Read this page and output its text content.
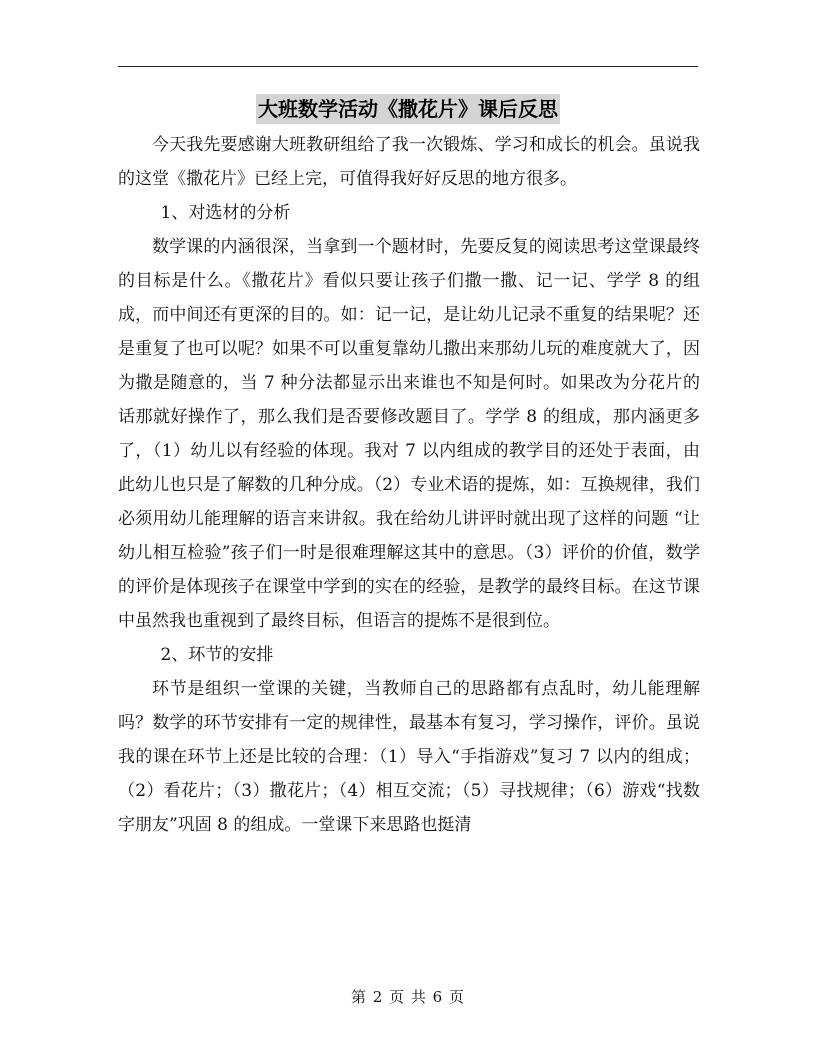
大班数学活动《撒花片》课后反思

今天我先要感谢大班教研组给了我一次锻炼、学习和成长的机会。虽说我的这堂《撒花片》已经上完，可值得我好好反思的地方很多。

1、对选材的分析

数学课的内涵很深，当拿到一个题材时，先要反复的阅读思考这堂课最终的目标是什么。《撒花片》看似只要让孩子们撒一撒、记一记、学学 8 的组成，而中间还有更深的目的。如：记一记，是让幼儿记录不重复的结果呢？还是重复了也可以呢？如果不可以重复靠幼儿撒出来那幼儿玩的难度就大了，因为撒是随意的，当 7 种分法都显示出来谁也不知是何时。如果改为分花片的话那就好操作了，那么我们是否要修改题目了。学学 8 的组成，那内涵更多了，（1）幼儿以有经验的体现。我对 7 以内组成的教学目的还处于表面，由此幼儿也只是了解数的几种分成。（2）专业术语的提炼，如：互换规律，我们必须用幼儿能理解的语言来讲叙。我在给幼儿讲评时就出现了这样的问题 “让幼儿相互检验”孩子们一时是很难理解这其中的意思。（3）评价的价值，数学的评价是体现孩子在课堂中学到的实在的经验，是教学的最终目标。在这节课中虽然我也重视到了最终目标，但语言的提炼不是很到位。

2、环节的安排

环节是组织一堂课的关键，当教师自己的思路都有点乱时，幼儿能理解吗？数学的环节安排有一定的规律性，最基本有复习，学习操作，评价。虽说我的课在环节上还是比较的合理：（1）导入“手指游戏”复习 7 以内的组成；（2）看花片；（3）撒花片；（4）相互交流；（5）寻找规律；（6）游戏“找数字朋友”巩固 8 的组成。一堂课下来思路也挺清

第 2 页 共 6 页
